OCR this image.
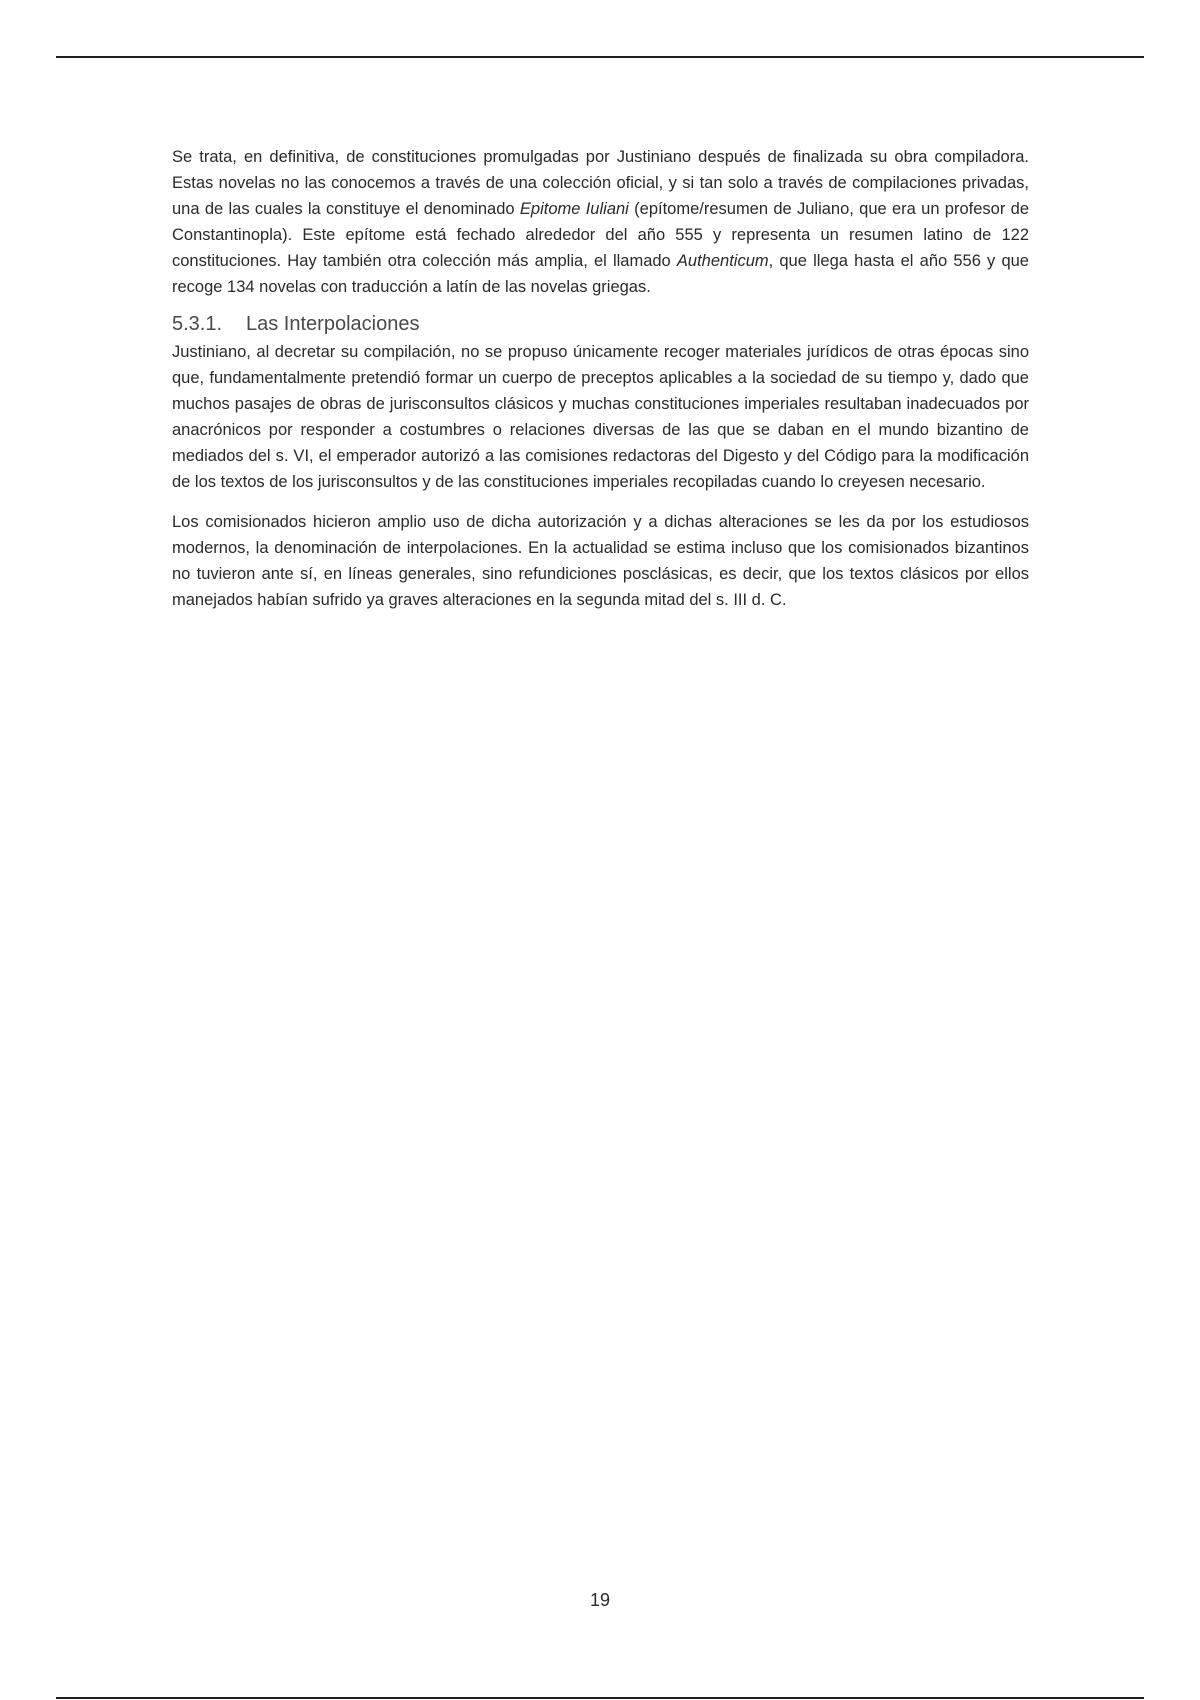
Se trata, en definitiva, de constituciones promulgadas por Justiniano después de finalizada su obra compiladora. Estas novelas no las conocemos a través de una colección oficial, y si tan solo a través de compilaciones privadas, una de las cuales la constituye el denominado Epitome Iuliani (epítome/resumen de Juliano, que era un profesor de Constantinopla). Este epítome está fechado alrededor del año 555 y representa un resumen latino de 122 constituciones. Hay también otra colección más amplia, el llamado Authenticum, que llega hasta el año 556 y que recoge 134 novelas con traducción a latín de las novelas griegas.

5.3.1. Las Interpolaciones

Justiniano, al decretar su compilación, no se propuso únicamente recoger materiales jurídicos de otras épocas sino que, fundamentalmente pretendió formar un cuerpo de preceptos aplicables a la sociedad de su tiempo y, dado que muchos pasajes de obras de jurisconsultos clásicos y muchas constituciones imperiales resultaban inadecuados por anacrónicos por responder a costumbres o relaciones diversas de las que se daban en el mundo bizantino de mediados del s. VI, el emperador autorizó a las comisiones redactoras del Digesto y del Código para la modificación de los textos de los jurisconsultos y de las constituciones imperiales recopiladas cuando lo creyesen necesario.

Los comisionados hicieron amplio uso de dicha autorización y a dichas alteraciones se les da por los estudiosos modernos, la denominación de interpolaciones. En la actualidad se estima incluso que los comisionados bizantinos no tuvieron ante sí, en líneas generales, sino refundiciones posclásicas, es decir, que los textos clásicos por ellos manejados habían sufrido ya graves alteraciones en la segunda mitad del s. III d. C.

19
